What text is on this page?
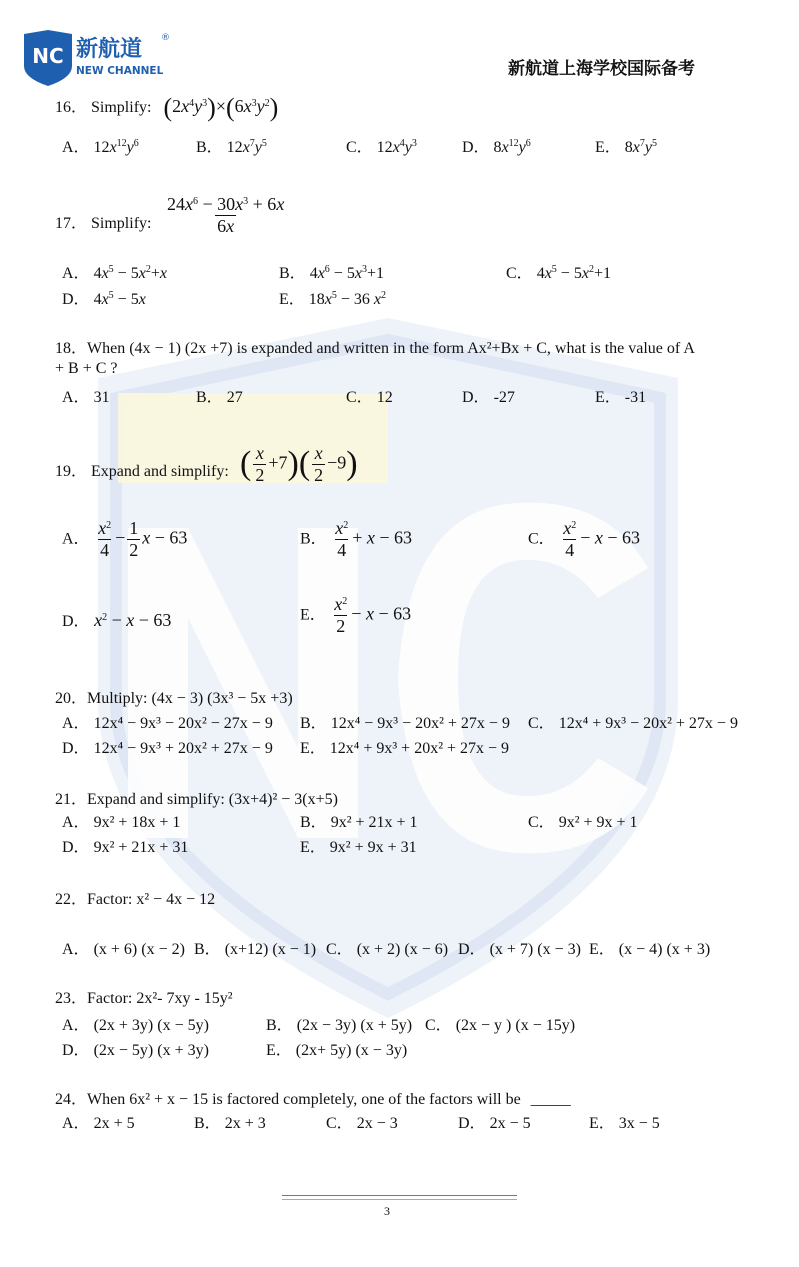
NC 新航道 ®
NEW CHANNEL	新航道上海学校国际备考
16． Simplify: $(2x^4y^3)\times(6x^3y^2)$
A． $12x^{12}y^6$	B． $12x^7y^5$	C． $12x^4y^3$	D． $8x^{12}y^6$	E． $8x^7y^5$
17． Simplify: $\frac{24x^6 - 30x^3 + 6x}{6x}$
A． $4x^5 - 5x^2+x$	B． $4x^6 - 5x^3+1$	C． $4x^5 - 5x^2+1$
D． $4x^5 - 5x$	E． $18x^5 - 36$ $x^2$
18．When (4x − 1) (2x +7) is expanded and written in the form Ax²+Bx + C, what is the value of A
+ B + C ?
A． 31	B． 27	C． 12	D． -27	E． -31
19． Expand and simplify: ( $\frac{x}{2} +7)( \frac{x}{2} -9)$
A． $\frac{x^2}{4} - \frac{1}{2}$ x − 63	B． $\frac{x^2}{4} + x - 63$	C． $\frac{x^2}{4} - x - 63$
D． $x^2 - x - 63$	E． $\frac{x^2}{2} - x - 63$
20．Multiply: (4x − 3) (3x³ − 5x +3)
A． 12x⁴ − 9x³ − 20x² − 27x − 9 B． 12x⁴ − 9x³ − 20x² + 27x − 9 C． 12x⁴ + 9x³ − 20x² + 27x − 9
D． 12x⁴ − 9x³ + 20x² + 27x − 9 E． 12x⁴ + 9x³ + 20x² + 27x − 9
21．Expand and simplify: (3x+4)² − 3(x+5)
A． 9x² + 18x + 1	B． 9x² + 21x + 1	C． 9x² + 9x + 1
D． 9x² + 21x + 31	E． 9x² + 9x + 31
22．Factor: x² − 4x − 12
A． (x + 6) (x − 2) B． (x+12) (x − 1) C． (x + 2) (x − 6) D． (x + 7) (x − 3) E． (x − 4) (x + 3)
23．Factor: 2x²- 7xy - 15y²
A． (2x + 3y) (x − 5y)	B． (2x − 3y) (x + 5y) C． (2x − y ) (x − 15y)
D． (2x − 5y) (x + 3y)	E． (2x+ 5y) (x − 3y)
24．When 6x² + x − 15 is factored completely, one of the factors will be _____
A． 2x + 5	B． 2x + 3	C． 2x − 3	D． 2x − 5	E． 3x − 5
3
